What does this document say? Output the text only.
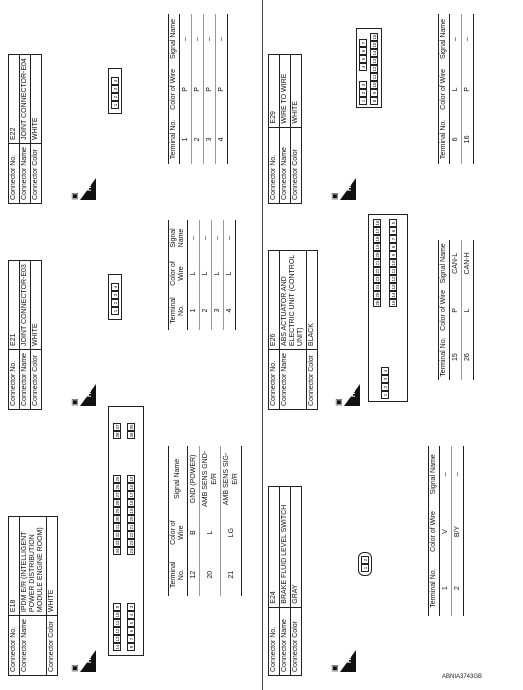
Connector No.	E18
Connector Name	IPDM E/R (INTELLIGENT POWER DISTRIBUTION MODULE ENGINE ROOM)
Connector Color	WHITE
▣
H.S.
14
13
12
11
10
9
8
7
6
5
4
3
34
33
32
31
30
29
28
27
26
25
24
23
22
21
20
19
18
17
16
15
38
37
36
35
Terminal No.	Color of Wire	Signal Name
12	B	GND (POWER)
20	L	AMB SENS GND-E/R
21	LG	AMB SENS SIG-E/R
Connector No.	E21
Connector Name	JOINT CONNECTOR-E03
Connector Color	WHITE
▣
H.S.
1
2
3
4
Terminal No.	Color of Wire	Signal Name
1	L	–
2	L	–
3	L	–
4	L	–
Connector No.	E22
Connector Name	JOINT CONNECTOR-E04
Connector Color	WHITE
▣
H.S.
1
2
3
4
Terminal No.	Color of Wire	Signal Name
1	P	–
2	P	–
3	P	–
4	P	–
Connector No.	E24
Connector Name	BRAKE FLUID LEVEL SWITCH
Connector Color	GRAY
▣
H.S.
1
2
Terminal No.	Color of Wire	Signal Name
1	V	–
2	B/Y	–
Connector No.	E26
Connector Name	ABS ACTUATOR AND ELECTRIC UNIT (CONTROL UNIT)
Connector Color	BLACK
▣
H.S.	1
2
3
4
26
25
24
23
22
21
20
19
18
17
16
15
14
13
12
11
10
9
8
7
6
5
Terminal No.	Color of Wire	Signal Name
15	P	CAN-L
26	L	CAN-H
Connector No.	E29
Connector Name	WIRE TO WIRE
Connector Color	WHITE
▣
H.S.
1
2
3
4
5
6
7
8
9
10
11
12
13
14
15
16
Terminal No.	Color of Wire	Signal Name
6	L	–
16	P	–
ABNIA3743GB
